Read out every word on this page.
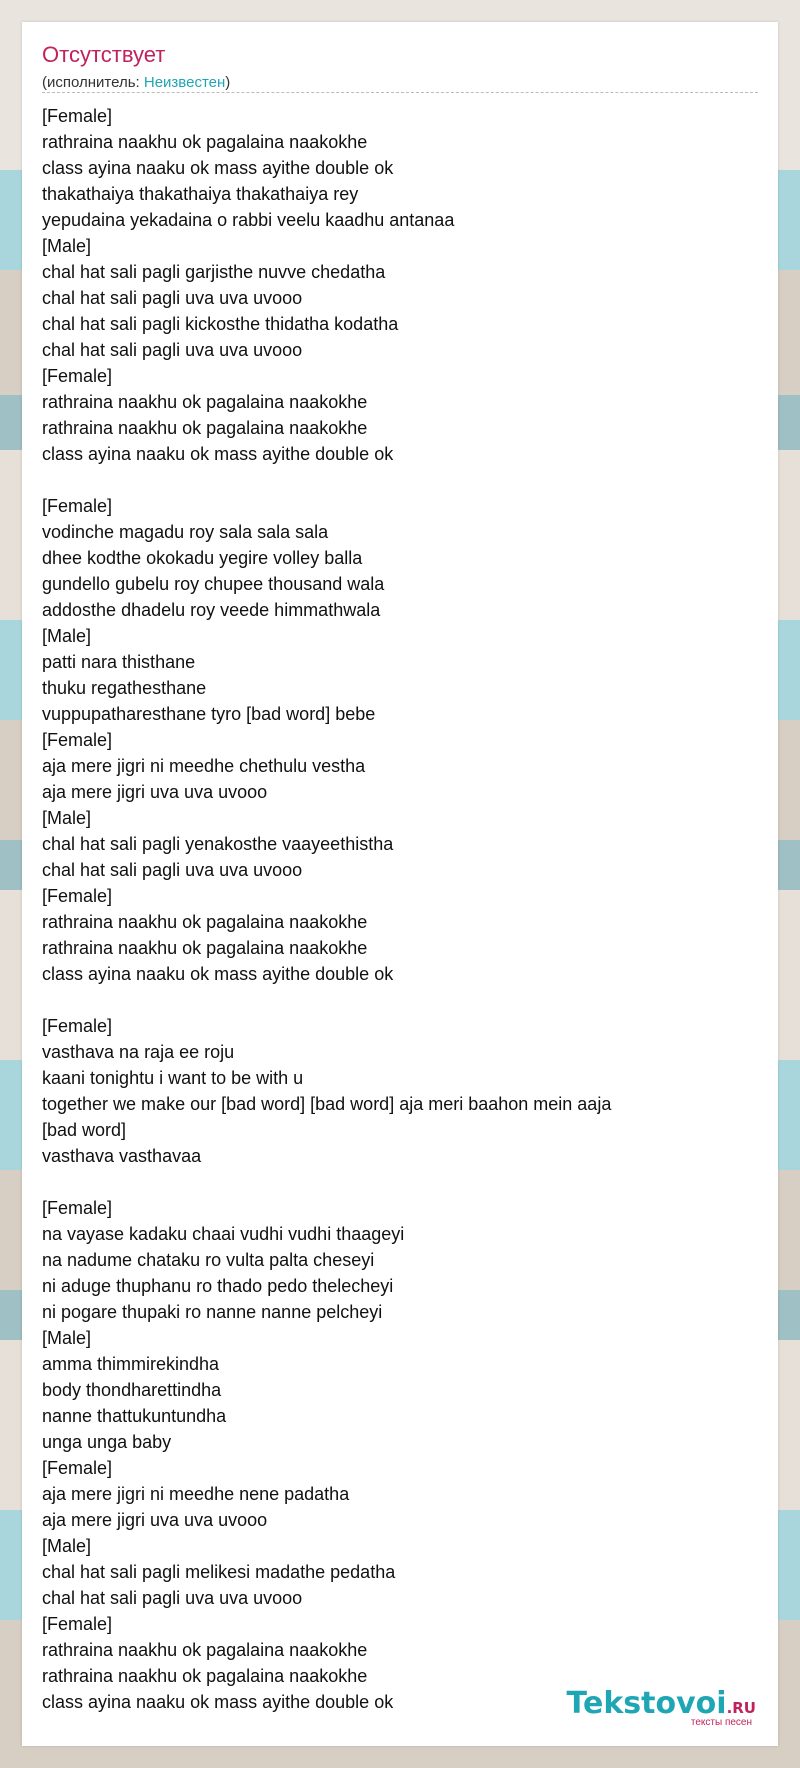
Отсутствует
(исполнитель: Неизвестен)
[Female]
rathraina naakhu ok pagalaina naakokhe
class ayina naaku ok mass ayithe double ok
thakathaiya thakathaiya thakathaiya rey
yepudaina yekadaina o rabbi veelu kaadhu antanaa
[Male]
chal hat sali pagli garjisthe nuvve chedatha
chal hat sali pagli uva uva uvooo
chal hat sali pagli kickosthe thidatha kodatha
chal hat sali pagli uva uva uvooo
[Female]
rathraina naakhu ok pagalaina naakokhe
rathraina naakhu ok pagalaina naakokhe
class ayina naaku ok mass ayithe double ok

[Female]
vodinche magadu roy sala sala sala
dhee kodthe okokadu yegire volley balla
gundello gubelu roy chupee thousand wala
addosthe dhadelu roy veede himmathwala
[Male]
patti nara thisthane
thuku regathesthane
vuppupatharesthane tyro [bad word] bebe
[Female]
aja mere jigri ni meedhe chethulu vestha
aja mere jigri uva uva uvooo
[Male]
chal hat sali pagli yenakosthe vaayeethistha
chal hat sali pagli uva uva uvooo
[Female]
rathraina naakhu ok pagalaina naakokhe
rathraina naakhu ok pagalaina naakokhe
class ayina naaku ok mass ayithe double ok

[Female]
vasthava na raja ee roju
kaani tonightu i want to be with u
together we make our [bad word] [bad word] aja meri baahon mein aaja
[bad word]
vasthava vasthavaa

[Female]
na vayase kadaku chaai vudhi vudhi thaageyi
na nadume chataku ro vulta palta cheseyi
ni aduge thuphanu ro thado pedo thelecheyi
ni pogare thupaki ro nanne nanne pelcheyi
[Male]
amma thimmirekindha
body thondharettindha
nanne thattukuntundha
unga unga baby
[Female]
aja mere jigri ni meedhe nene padatha
aja mere jigri uva uva uvooo
[Male]
chal hat sali pagli melikesi madathe pedatha
chal hat sali pagli uva uva uvooo
[Female]
rathraina naakhu ok pagalaina naakokhe
rathraina naakhu ok pagalaina naakokhe
class ayina naaku ok mass ayithe double ok	Tekstovoi.RU
тексты песен
